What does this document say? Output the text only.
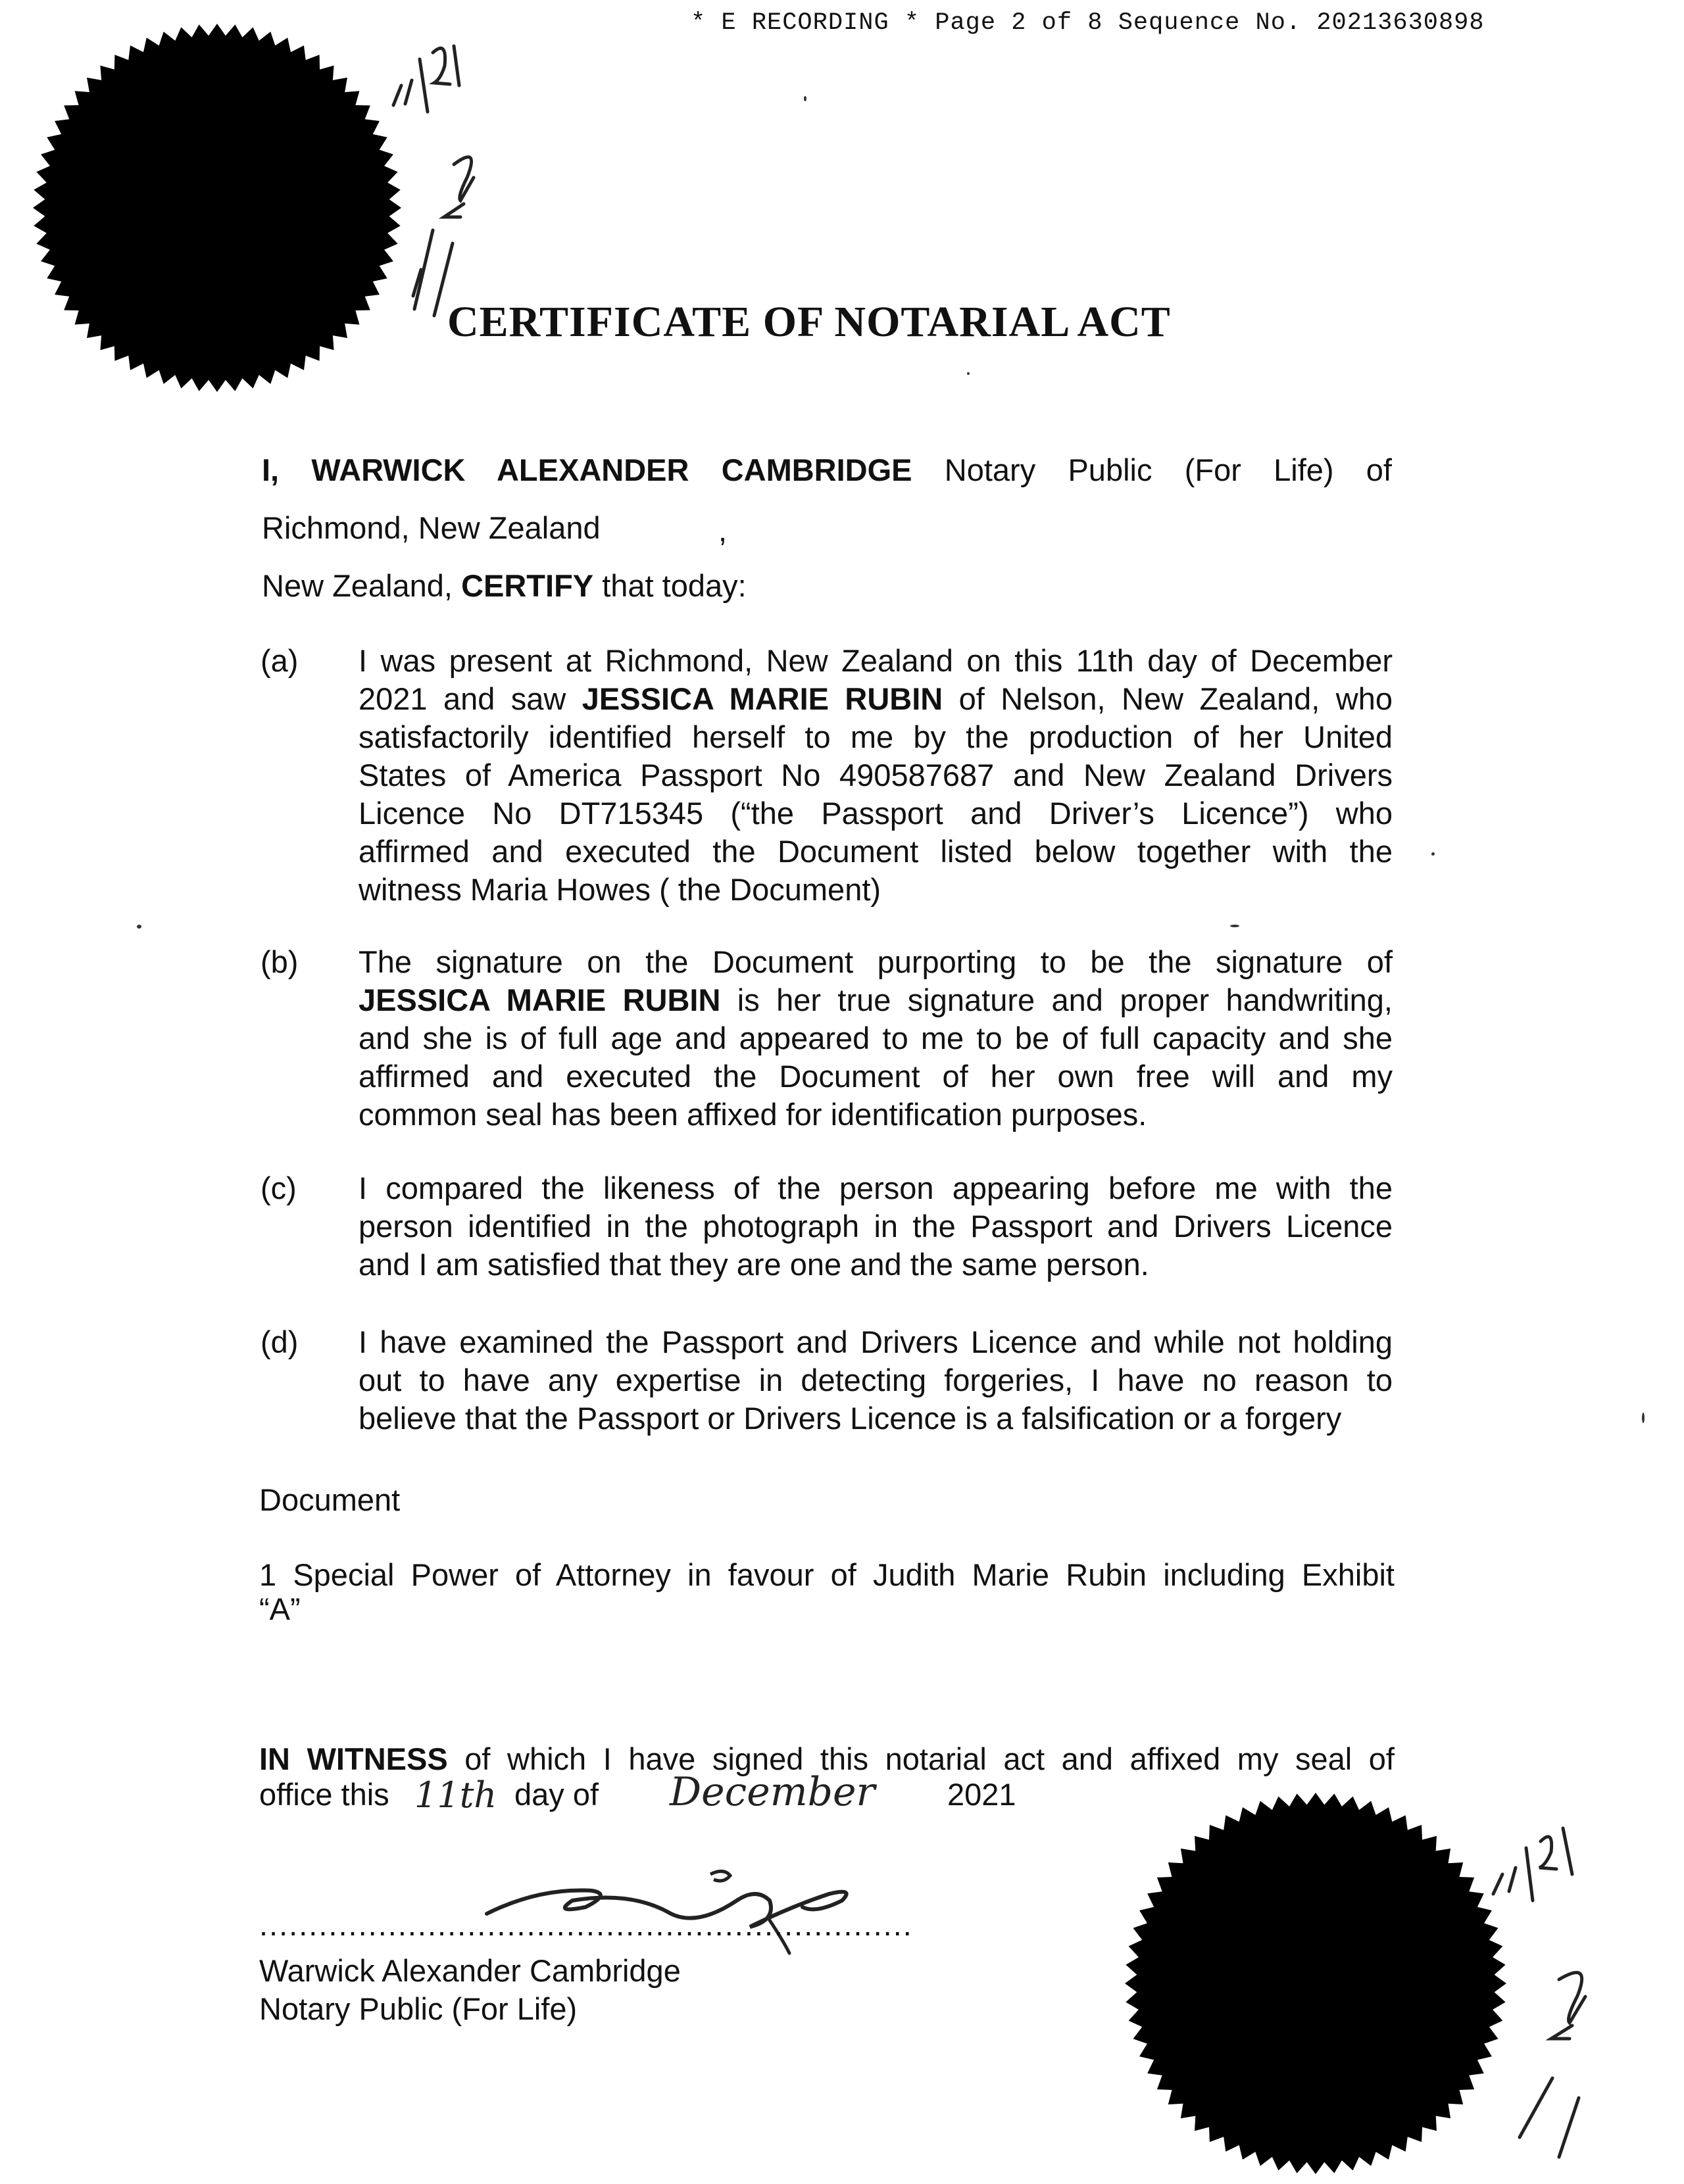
* E RECORDING * Page 2 of 8 Sequence No. 20213630898
CERTIFICATE OF NOTARIAL ACT
I, WARWICK ALEXANDER CAMBRIDGE Notary Public (For Life) of
Richmond, New Zealand	,
New Zealand, CERTIFY that today:
(a) I was present at Richmond, New Zealand on this 11th day of December
2021 and saw JESSICA MARIE RUBIN of Nelson, New Zealand, who
satisfactorily identified herself to me by the production of her United
States of America Passport No 490587687 and New Zealand Drivers
Licence No DT715345 (“the Passport and Driver’s Licence”) who
affirmed and executed the Document listed below together with the
witness Maria Howes ( the Document)
(b) The signature on the Document purporting to be the signature of
JESSICA MARIE RUBIN is her true signature and proper handwriting,
and she is of full age and appeared to me to be of full capacity and she
affirmed and executed the Document of her own free will and my
common seal has been affixed for identification purposes.
(c) I compared the likeness of the person appearing before me with the
person identified in the photograph in the Passport and Drivers Licence
and I am satisfied that they are one and the same person.
(d) I have examined the Passport and Drivers Licence and while not holding
out to have any expertise in detecting forgeries, I have no reason to
believe that the Passport or Drivers Licence is a falsification or a forgery
Document
1 Special Power of Attorney in favour of Judith Marie Rubin including Exhibit
“A”
IN WITNESS of which I have signed this notarial act and affixed my seal of
office this 11th day of December 2021
..................................................................
Warwick Alexander Cambridge
Notary Public (For Life)
